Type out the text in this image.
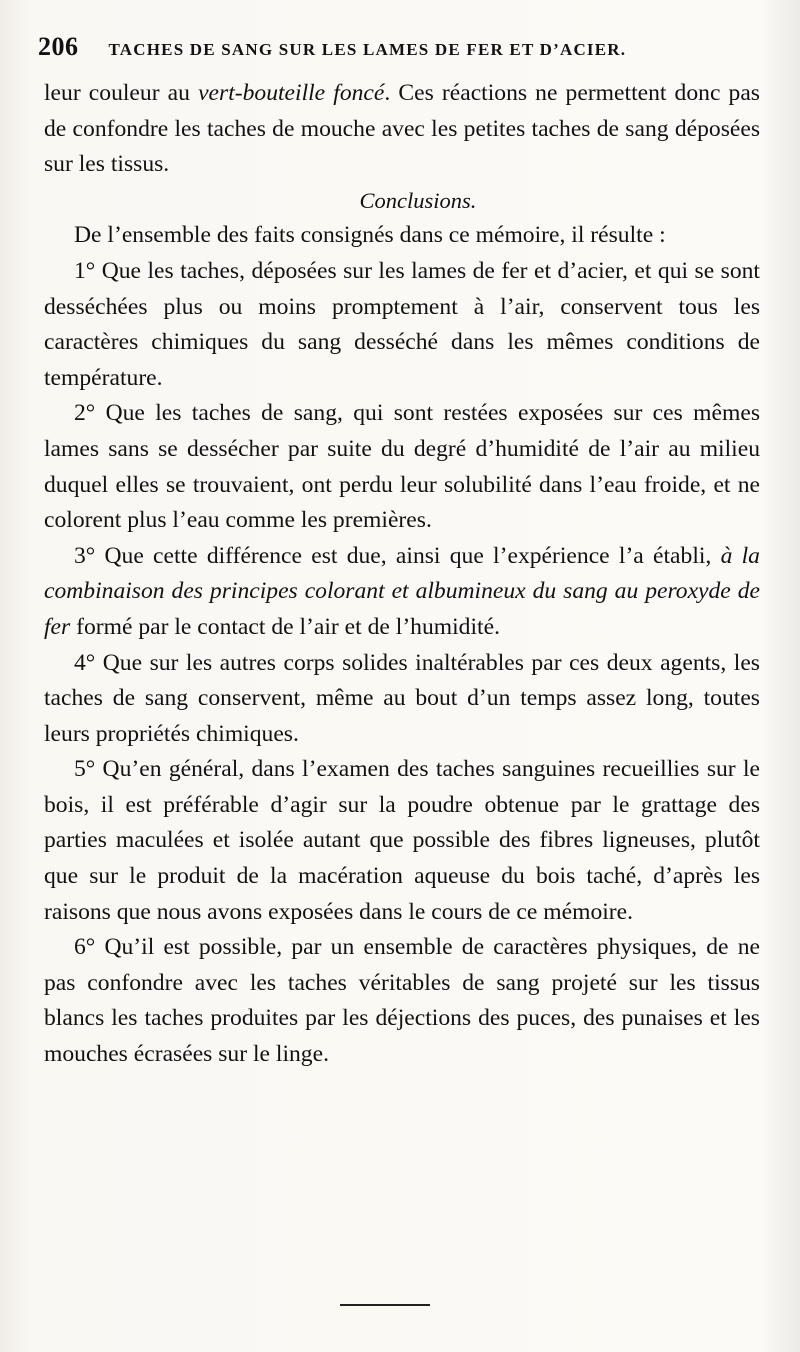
206 TACHES DE SANG SUR LES LAMES DE FER ET D’ACIER.

leur couleur au vert-bouteille foncé. Ces réactions ne permettent donc pas de confondre les taches de mouche avec les petites taches de sang déposées sur les tissus.

Conclusions.

De l’ensemble des faits consignés dans ce mémoire, il résulte :

1° Que les taches, déposées sur les lames de fer et d’acier, et qui se sont desséchées plus ou moins promptement à l’air, conservent tous les caractères chimiques du sang desséché dans les mêmes conditions de température.

2° Que les taches de sang, qui sont restées exposées sur ces mêmes lames sans se dessécher par suite du degré d’humidité de l’air au milieu duquel elles se trouvaient, ont perdu leur solubilité dans l’eau froide, et ne colorent plus l’eau comme les premières.

3° Que cette différence est due, ainsi que l’expérience l’a établi, à la combinaison des principes colorant et albumineux du sang au peroxyde de fer formé par le contact de l’air et de l’humidité.

4° Que sur les autres corps solides inaltérables par ces deux agents, les taches de sang conservent, même au bout d’un temps assez long, toutes leurs propriétés chimiques.

5° Qu’en général, dans l’examen des taches sanguines recueillies sur le bois, il est préférable d’agir sur la poudre obtenue par le grattage des parties maculées et isolée autant que possible des fibres ligneuses, plutôt que sur le produit de la macération aqueuse du bois taché, d’après les raisons que nous avons exposées dans le cours de ce mémoire.

6° Qu’il est possible, par un ensemble de caractères physiques, de ne pas confondre avec les taches véritables de sang projeté sur les tissus blancs les taches produites par les déjections des puces, des punaises et les mouches écrasées sur le linge.
